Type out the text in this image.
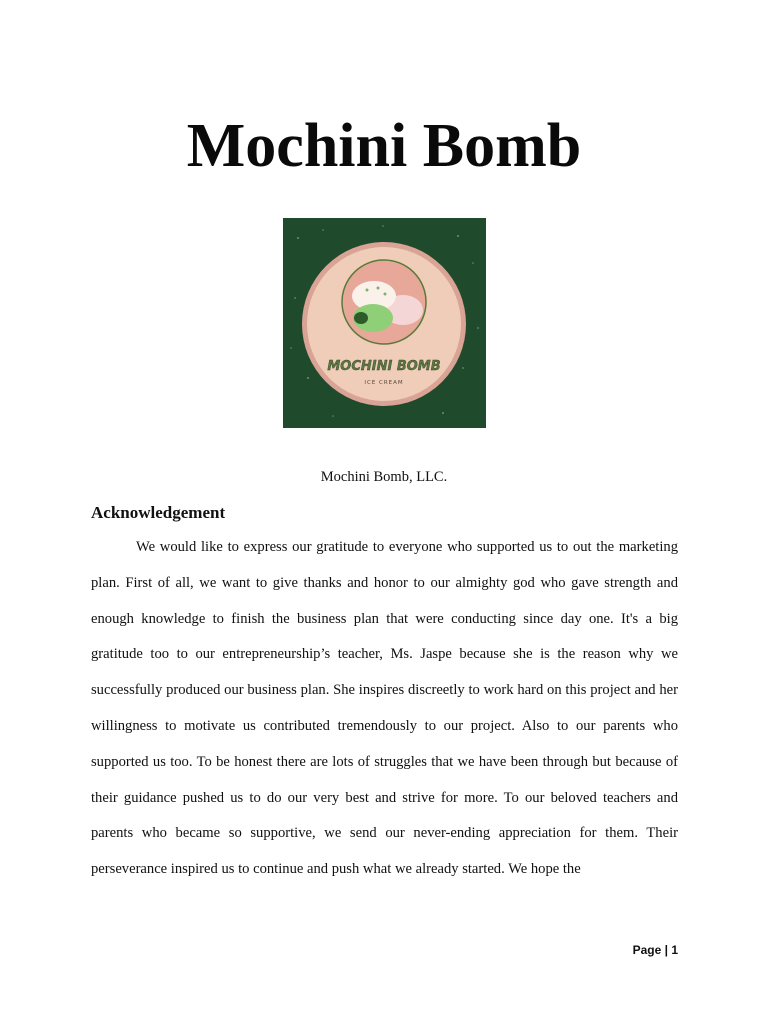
Mochini Bomb
MOCHINI BOMB
ICE CREAM
Mochini Bomb, LLC.
Acknowledgement

We would like to express our gratitude to everyone who supported us to out the marketing plan. First of all, we want to give thanks and honor to our almighty god who gave strength and enough knowledge to finish the business plan that were conducting since day one. It's a big gratitude too to our entrepreneurship’s teacher, Ms. Jaspe because she is the reason why we successfully produced our business plan. She inspires discreetly to work hard on this project and her willingness to motivate us contributed tremendously to our project. Also to our parents who supported us too. To be honest there are lots of struggles that we have been through but because of their guidance pushed us to do our very best and strive for more. To our beloved teachers and parents who became so supportive, we send our never-ending appreciation for them. Their perseverance inspired us to continue and push what we already started. We hope the

Page | 1
